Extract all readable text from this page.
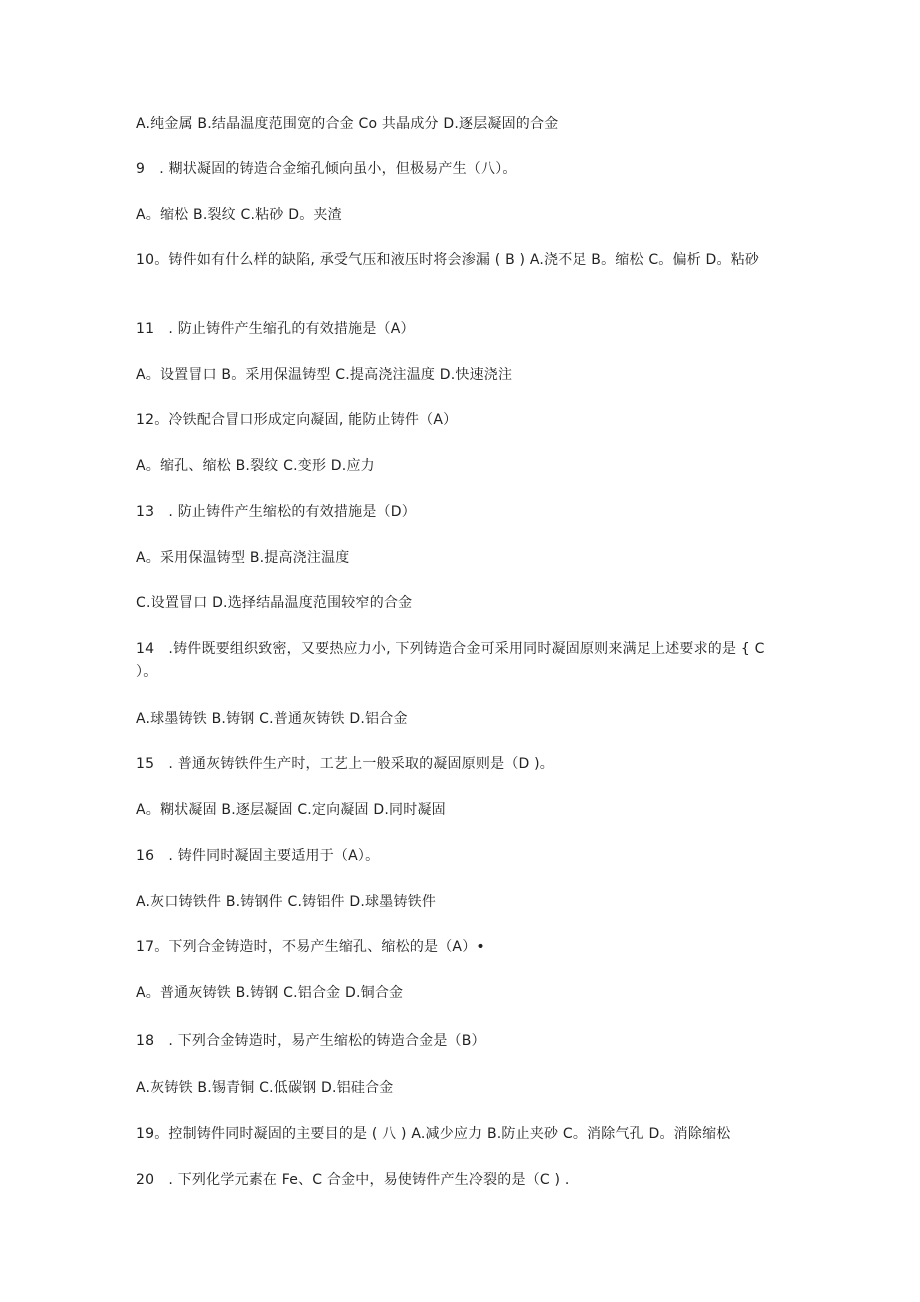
A.纯金属 B.结晶温度范围宽的合金 Co 共晶成分 D.逐层凝固的合金
9　. 糊状凝固的铸造合金缩孔倾向虽小，但极易产生（八）。
A。缩松 B.裂纹 C.粘砂 D。夹渣
10。铸件如有什么样的缺陷, 承受气压和液压时将会渗漏 ( B ) A.浇不足 B。缩松 C。偏析 D。粘砂
11　. 防止铸件产生缩孔的有效措施是（A）
A。设置冒口 B。采用保温铸型 C.提高浇注温度 D.快速浇注
12。冷铁配合冒口形成定向凝固, 能防止铸件（A）
A。缩孔、缩松 B.裂纹 C.变形 D.应力
13　. 防止铸件产生缩松的有效措施是（D）
A。采用保温铸型 B.提高浇注温度
C.设置冒口 D.选择结晶温度范围较窄的合金
14　.铸件既要组织致密，又要热应力小, 下列铸造合金可采用同时凝固原则来满足上述要求的是 { C ）。
A.球墨铸铁 B.铸钢 C.普通灰铸铁 D.铝合金
15　. 普通灰铸铁件生产时，工艺上一般采取的凝固原则是（D )。
A。糊状凝固 B.逐层凝固 C.定向凝固 D.同时凝固
16　. 铸件同时凝固主要适用于（A）。
A.灰口铸铁件 B.铸钢件 C.铸铝件 D.球墨铸铁件
17。下列合金铸造时，不易产生缩孔、缩松的是（A）•
A。普通灰铸铁 B.铸钢 C.铝合金 D.铜合金
18　. 下列合金铸造时，易产生缩松的铸造合金是（B）
A.灰铸铁 B.锡青铜 C.低碳钢 D.铝硅合金
19。控制铸件同时凝固的主要目的是 ( 八 ) A.减少应力 B.防止夹砂 C。消除气孔 D。消除缩松
20　. 下列化学元素在 Fe、C 合金中，易使铸件产生冷裂的是（C ) .
